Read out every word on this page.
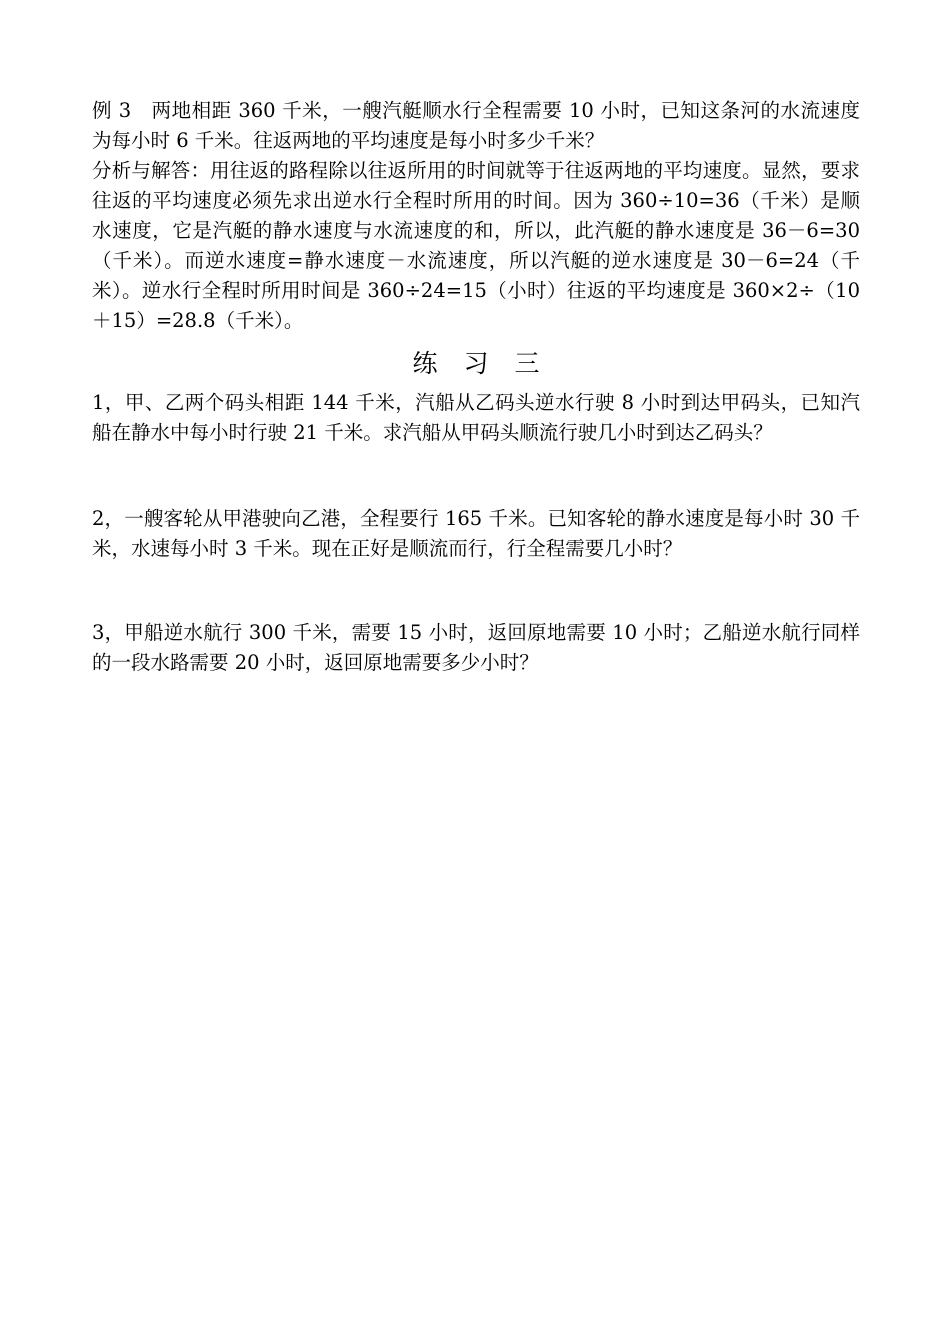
例 3　两地相距 360 千米，一艘汽艇顺水行全程需要 10 小时，已知这条河的水流速度为每小时 6 千米。往返两地的平均速度是每小时多少千米？

分析与解答：用往返的路程除以往返所用的时间就等于往返两地的平均速度。显然，要求往返的平均速度必须先求出逆水行全程时所用的时间。因为 360÷10=36（千米）是顺水速度，它是汽艇的静水速度与水流速度的和，所以，此汽艇的静水速度是 36－6=30（千米）。而逆水速度=静水速度－水流速度，所以汽艇的逆水速度是 30－6=24（千米）。逆水行全程时所用时间是 360÷24=15（小时）往返的平均速度是 360×2÷（10＋15）=28.8（千米）。

练习三

1，甲、乙两个码头相距 144 千米，汽船从乙码头逆水行驶 8 小时到达甲码头，已知汽船在静水中每小时行驶 21 千米。求汽船从甲码头顺流行驶几小时到达乙码头？

2，一艘客轮从甲港驶向乙港，全程要行 165 千米。已知客轮的静水速度是每小时 30 千米，水速每小时 3 千米。现在正好是顺流而行，行全程需要几小时？

3，甲船逆水航行 300 千米，需要 15 小时，返回原地需要 10 小时；乙船逆水航行同样的一段水路需要 20 小时，返回原地需要多少小时？
